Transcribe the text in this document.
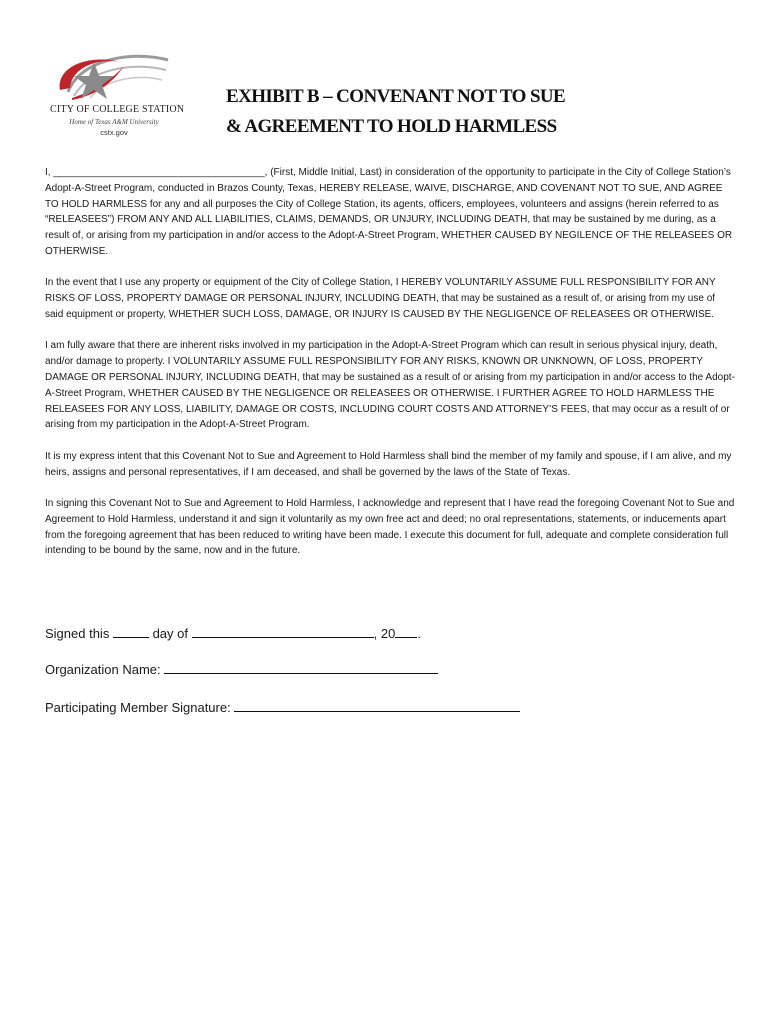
CITY OF COLLEGE STATION
Home of Texas A&M University
cstx.gov
EXHIBIT B – CONVENANT NOT TO SUE
& AGREEMENT TO HOLD HARMLESS

I, ______________________________________, (First, Middle Initial, Last) in consideration of the opportunity to participate in the City of College Station’s Adopt-A-Street Program, conducted in Brazos County, Texas, HEREBY RELEASE, WAIVE, DISCHARGE, AND COVENANT NOT TO SUE, AND AGREE TO HOLD HARMLESS for any and all purposes the City of College Station, its agents, officers, employees, volunteers and assigns (herein referred to as “RELEASEES”) FROM ANY AND ALL LIABILITIES, CLAIMS, DEMANDS, OR UNJURY, INCLUDING DEATH, that may be sustained by me during, as a result of, or arising from my participation in and/or access to the Adopt-A-Street Program, WHETHER CAUSED BY NEGILENCE OF THE RELEASEES OR OTHERWISE.

In the event that I use any property or equipment of the City of College Station, I HEREBY VOLUNTARILY ASSUME FULL RESPONSIBILITY FOR ANY RISKS OF LOSS, PROPERTY DAMAGE OR PERSONAL INJURY, INCLUDING DEATH, that may be sustained as a result of, or arising from my use of said equipment or property, WHETHER SUCH LOSS, DAMAGE, OR INJURY IS CAUSED BY THE NEGLIGENCE OF RELEASEES OR OTHERWISE.

I am fully aware that there are inherent risks involved in my participation in the Adopt-A-Street Program which can result in serious physical injury, death, and/or damage to property. I VOLUNTARILY ASSUME FULL RESPONSIBILITY FOR ANY RISKS, KNOWN OR UNKNOWN, OF LOSS, PROPERTY DAMAGE OR PERSONAL INJURY, INCLUDING DEATH, that may be sustained as a result of or arising from my participation in and/or access to the Adopt-A-Street Program, WHETHER CAUSED BY THE NEGLIGENCE OR RELEASEES OR OTHERWISE. I FURTHER AGREE TO HOLD HARMLESS THE RELEASEES FOR ANY LOSS, LIABILITY, DAMAGE OR COSTS, INCLUDING COURT COSTS AND ATTORNEY’S FEES, that may occur as a result of or arising from my participation in the Adopt-A-Street Program.

It is my express intent that this Covenant Not to Sue and Agreement to Hold Harmless shall bind the member of my family and spouse, if I am alive, and my heirs, assigns and personal representatives, if I am deceased, and shall be governed by the laws of the State of Texas.

In signing this Covenant Not to Sue and Agreement to Hold Harmless, I acknowledge and represent that I have read the foregoing Covenant Not to Sue and Agreement to Hold Harmless, understand it and sign it voluntarily as my own free act and deed; no oral representations, statements, or inducements apart from the foregoing agreement that has been reduced to writing have been made. I execute this document for full, adequate and complete consideration full intending to be bound by the same, now and in the future.

Signed this	day of	, 20 .
Organization Name:
Participating Member Signature:
